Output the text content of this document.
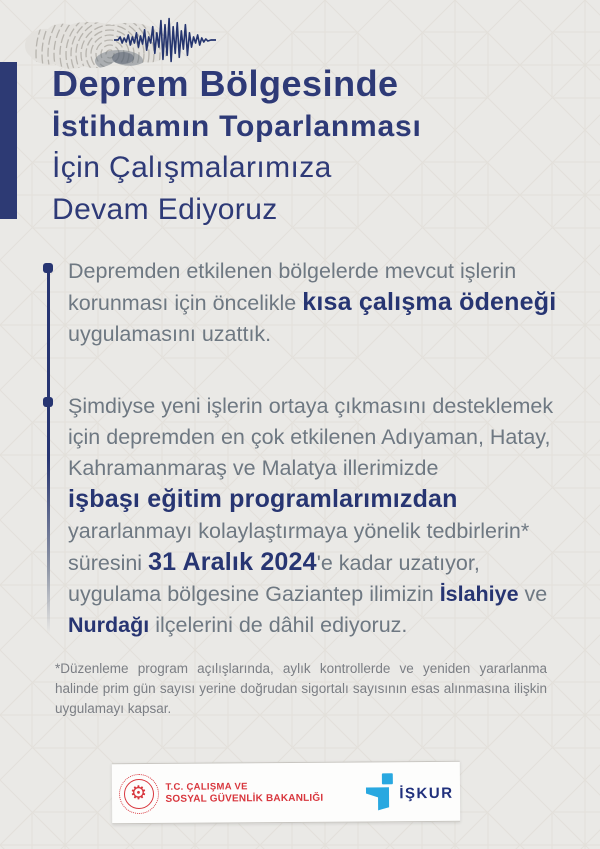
Deprem Bölgesinde
İstihdamın Toparlanması
İçin Çalışmalarımıza
Devam Ediyoruz
Depremden etkilenen bölgelerde mevcut işlerin
korunması için öncelikle kısa çalışma ödeneği
uygulamasını uzattık.
Şimdiyse yeni işlerin ortaya çıkmasını desteklemek
için depremden en çok etkilenen Adıyaman, Hatay,
Kahramanmaraş ve Malatya illerimizde
işbaşı eğitim programlarımızdan
yararlanmayı kolaylaştırmaya yönelik tedbirlerin*
süresini 31 Aralık 2024'e kadar uzatıyor,
uygulama bölgesine Gaziantep ilimizin İslahiye ve
Nurdağı ilçelerini de dâhil ediyoruz.
*Düzenleme program açılışlarında, aylık kontrollerde ve yeniden yararlanma halinde prim gün sayısı yerine doğrudan sigortalı sayısının esas alınmasına ilişkin uygulamayı kapsar.
⚙	T.C. ÇALIŞMA VE
SOSYAL GÜVENLİK BAKANLIĞI	İŞKUR
